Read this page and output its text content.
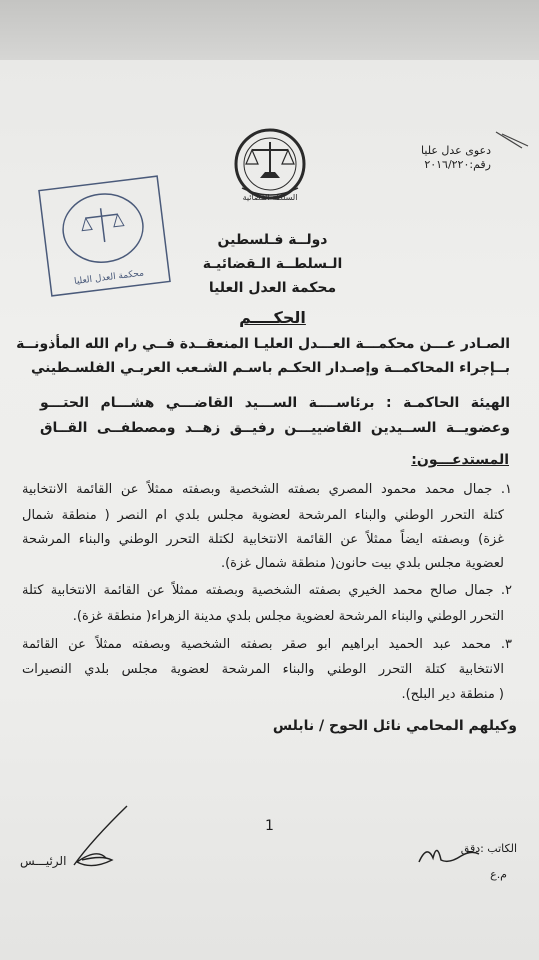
دعوى عدل عليا
رقم:٢٠١٦/٢٢٠
السلطة القضائية
محكمة العدل العليا
دولــة فـلسطين
الـسلطــة الـقضائيـة
محكمة العدل العليا
الحكــــم
الصـادر عـــن محكمـــة العـــدل العليـا المنعقــدة فــي رام الله المأذونــة
بــإجراء المحاكمــة وإصـدار الحكـم باسـم الشـعب العربـي الفلسـطيني
الهيئة الحاكمـة : برئاســــة الســـيد القاضـــي هشـــام الحتـــو
وعضويــة الســيدين القاضييـــن رفيــق زهــد ومصطفــى القــاق
المستدعـــون:
١. جمال محمد محمود المصري بصفته الشخصية وبصفته ممثلاً عن القائمة الانتخابية
كتلة التحرر الوطني والبناء المرشحة لعضوية مجلس بلدي ام النصر ( منطقة شمال
غزة) وبصفته ايضاً ممثلاً عن القائمة الانتخابية لكتلة التحرر الوطني والبناء المرشحة
لعضوية مجلس بلدي بيت حانون( منطقة شمال غزة).
٢. جمال صالح محمد الخيري بصفته الشخصية وبصفته ممثلاً عن القائمة الانتخابية كتلة
التحرر الوطني والبناء المرشحة لعضوية مجلس بلدي مدينة الزهراء( منطقة غزة).
٣. محمد عبد الحميد ابراهيم ابو صقر بصفته الشخصية وبصفته ممثلاً عن القائمة
الانتخابية كتلة التحرر الوطني والبناء المرشحة لعضوية مجلس بلدي النصيرات
( منطقة دير البلح).
وكيلهم المحامي نائل الحوح / نابلس
1
الرئيـــس
الكاتب :دقق
م.ع
